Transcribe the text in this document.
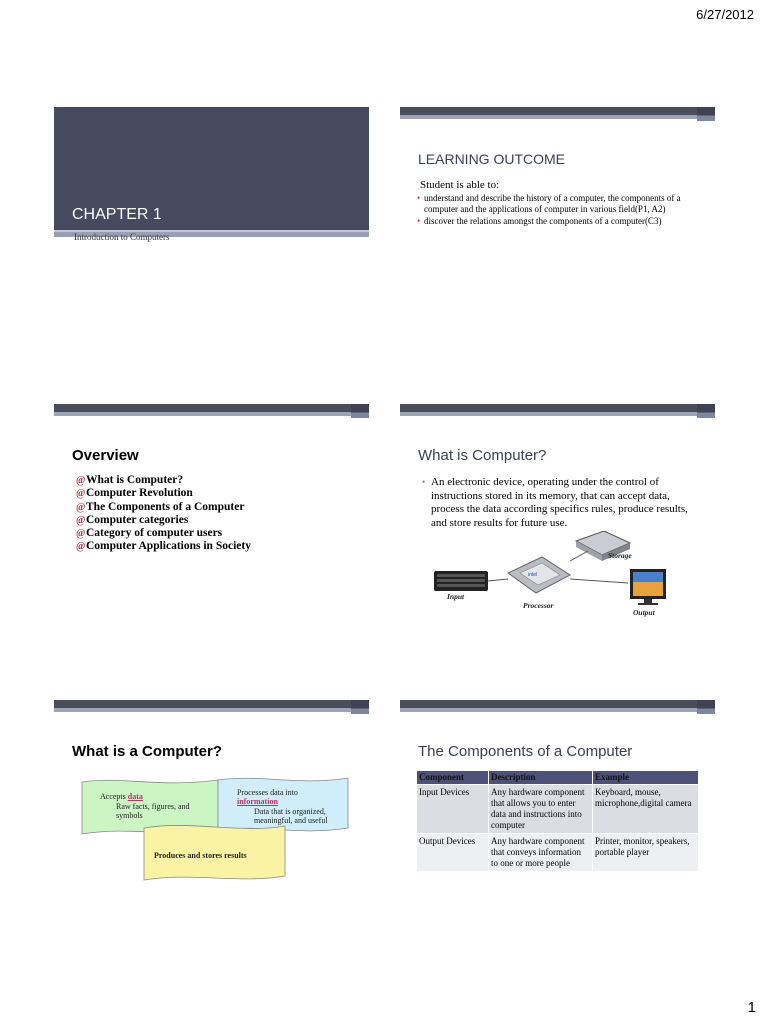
6/27/2012
CHAPTER 1
Introduction to Computers
LEARNING OUTCOME
Student is able to:
• understand and describe the history of a computer, the components of a computer and the applications of computer in various field(P1, A2)
• discover the relations amongst the components of a computer(C3)
Overview
@ What is Computer?
@ Computer Revolution
@ The Components of a Computer
@ Computer categories
@ Category of computer users
@ Computer Applications in Society
What is Computer?
• An electronic device, operating under the control of instructions stored in its memory, that can accept data, process the data according specifics rules, produce results, and store results for future use.
intel
Input
Processor
Storage
Output
What is a Computer?
Accepts data
Raw facts, figures, and symbols
Processes data into
information
Data that is organized, meaningful, and useful
Produces and stores results
The Components of a Computer
Component	Description	Example
Input Devices	Any hardware component that allows you to enter data and instructions into computer	Keyboard, mouse, microphone,digital camera
Output Devices	Any hardware component that conveys information to one or more people	Printer, monitor, speakers, portable player
1
